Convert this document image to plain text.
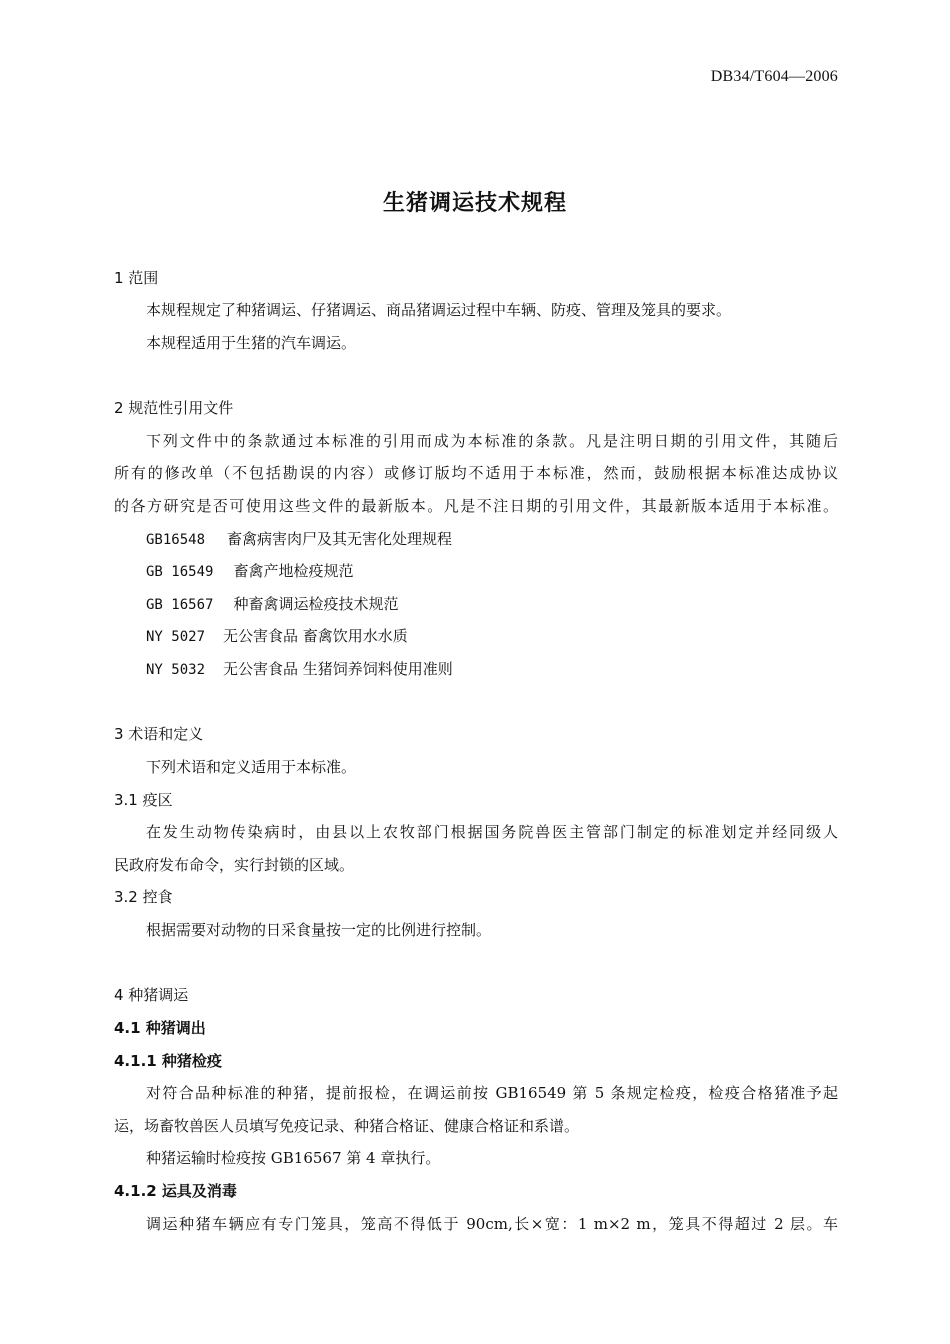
DB34/T604—2006
生猪调运技术规程
1 范围
本规程规定了种猪调运、仔猪调运、商品猪调运过程中车辆、防疫、管理及笼具的要求。
本规程适用于生猪的汽车调运。
2 规范性引用文件
下列文件中的条款通过本标准的引用而成为本标准的条款。凡是注明日期的引用文件，其随后
所有的修改单（不包括勘误的内容）或修订版均不适用于本标准，然而，鼓励根据本标准达成协议
的各方研究是否可使用这些文件的最新版本。凡是不注日期的引用文件，其最新版本适用于本标准。
GB16548 畜禽病害肉尸及其无害化处理规程
GB 16549 畜禽产地检疫规范
GB 16567 种畜禽调运检疫技术规范
NY 5027 无公害食品 畜禽饮用水水质
NY 5032 无公害食品 生猪饲养饲料使用准则
3 术语和定义
下列术语和定义适用于本标准。
3.1 疫区
在发生动物传染病时，由县以上农牧部门根据国务院兽医主管部门制定的标准划定并经同级人
民政府发布命令，实行封锁的区域。
3.2 控食
根据需要对动物的日采食量按一定的比例进行控制。
4 种猪调运
4.1 种猪调出
4.1.1 种猪检疫
对符合品种标准的种猪，提前报检，在调运前按 GB16549 第 5 条规定检疫，检疫合格猪准予起
运，场畜牧兽医人员填写免疫记录、种猪合格证、健康合格证和系谱。
种猪运输时检疫按 GB16567 第 4 章执行。
4.1.2 运具及消毒
调运种猪车辆应有专门笼具，笼高不得低于 90cm,长×宽：1 m×2 m，笼具不得超过 2 层。车
